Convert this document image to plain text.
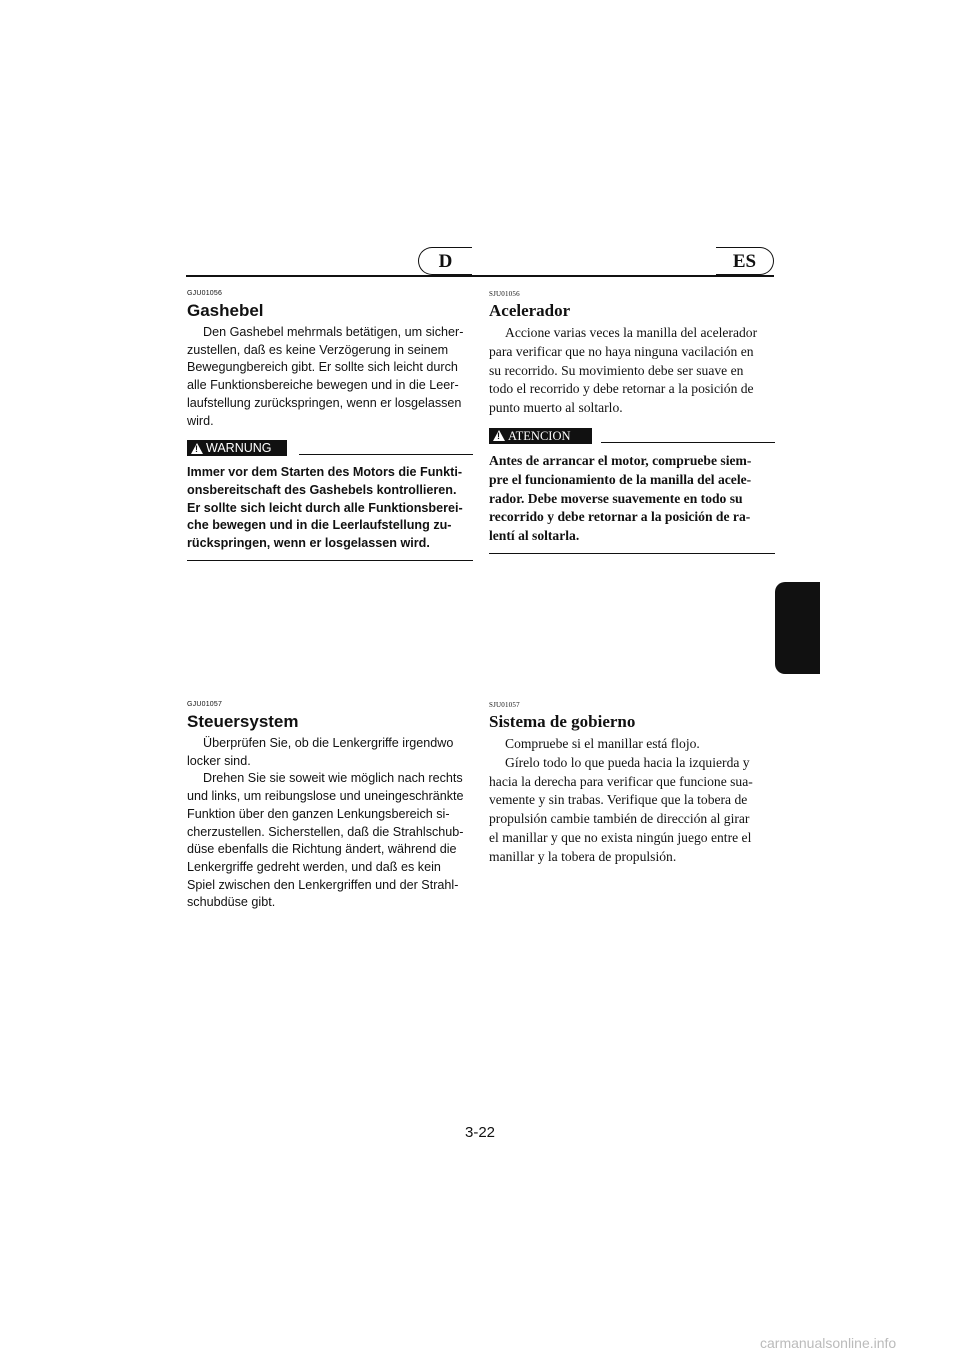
D	ES
GJU01056
Gashebel

Den Gashebel mehrmals betätigen, um sicher-
zustellen, daß es keine Verzögerung in seinem
Bewegungbereich gibt. Er sollte sich leicht durch
alle Funktionsbereiche bewegen und in die Leer-
laufstellung zurückspringen, wenn er losgelassen
wird.

!
WARNUNG

Immer vor dem Starten des Motors die Funkti-
onsbereitschaft des Gashebels kontrollieren.
Er sollte sich leicht durch alle Funktionsberei-
che bewegen und in die Leerlaufstellung zu-
rückspringen, wenn er losgelassen wird.

SJU01056
Acelerador

Accione varias veces la manilla del acelerador
para verificar que no haya ninguna vacilación en
su recorrido. Su movimiento debe ser suave en
todo el recorrido y debe retornar a la posición de
punto muerto al soltarlo.

!
ATENCION

Antes de arrancar el motor, compruebe siem-
pre el funcionamiento de la manilla del acele-
rador. Debe moverse suavemente en todo su
recorrido y debe retornar a la posición de ra-
lentí al soltarla.

GJU01057
Steuersystem

Überprüfen Sie, ob die Lenkergriffe irgendwo
locker sind.
Drehen Sie sie soweit wie möglich nach rechts
und links, um reibungslose und uneingeschränkte
Funktion über den ganzen Lenkungsbereich si-
cherzustellen. Sicherstellen, daß die Strahlschub-
düse ebenfalls die Richtung ändert, während die
Lenkergriffe gedreht werden, und daß es kein
Spiel zwischen den Lenkergriffen und der Strahl-
schubdüse gibt.

SJU01057
Sistema de gobierno

Compruebe si el manillar está flojo.
Gírelo todo lo que pueda hacia la izquierda y
hacia la derecha para verificar que funcione sua-
vemente y sin trabas. Verifique que la tobera de
propulsión cambie también de dirección al girar
el manillar y que no exista ningún juego entre el
manillar y la tobera de propulsión.

3-22
carmanualsonline.info
